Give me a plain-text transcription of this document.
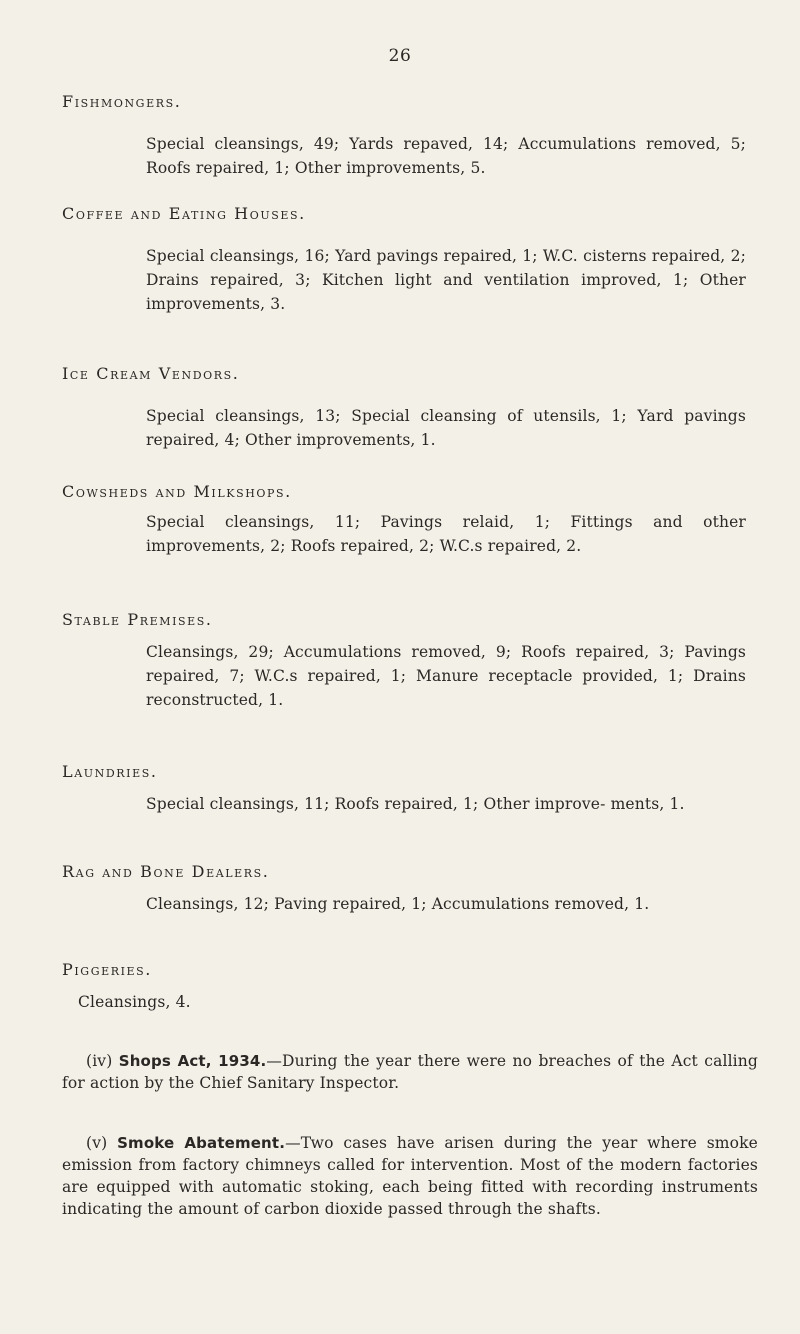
26
Fishmongers.
Special cleansings, 49; Yards repaved, 14; Accumulations removed, 5; Roofs repaired, 1; Other improvements, 5.
Coffee and Eating Houses.
Special cleansings, 16; Yard pavings repaired, 1; W.C. cisterns repaired, 2; Drains repaired, 3; Kitchen light and ventilation improved, 1; Other improvements, 3.
Ice Cream Vendors.
Special cleansings, 13; Special cleansing of utensils, 1; Yard pavings repaired, 4; Other improvements, 1.
Cowsheds and Milkshops.
Special cleansings, 11; Pavings relaid, 1; Fittings and other improvements, 2; Roofs repaired, 2; W.C.s repaired, 2.
Stable Premises.
Cleansings, 29; Accumulations removed, 9; Roofs repaired, 3; Pavings repaired, 7; W.C.s repaired, 1; Manure receptacle provided, 1; Drains reconstructed, 1.
Laundries.
Special cleansings, 11; Roofs repaired, 1; Other improve- ments, 1.
Rag and Bone Dealers.
Cleansings, 12; Paving repaired, 1; Accumulations removed, 1.
Piggeries.
Cleansings, 4.
(iv) Shops Act, 1934.—During the year there were no breaches of the Act calling for action by the Chief Sanitary Inspector.
(v) Smoke Abatement.—Two cases have arisen during the year where smoke emission from factory chimneys called for intervention. Most of the modern factories are equipped with automatic stoking, each being fitted with recording instruments indicating the amount of carbon dioxide passed through the shafts.
